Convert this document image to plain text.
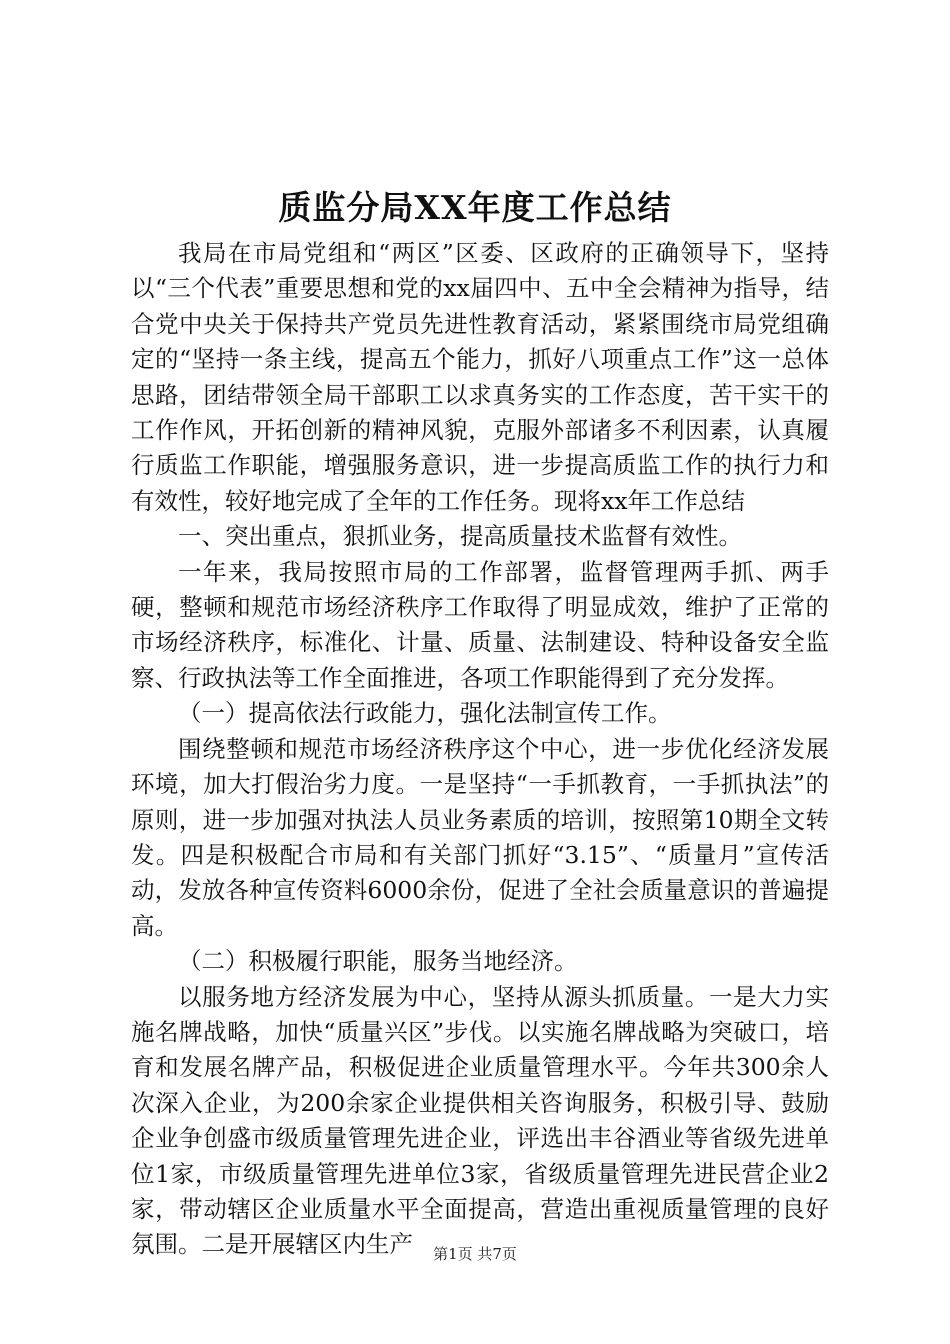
质监分局XX年度工作总结

我局在市局党组和“两区”区委、区政府的正确领导下，坚持以“三个代表”重要思想和党的xx届四中、五中全会精神为指导，结合党中央关于保持共产党员先进性教育活动，紧紧围绕市局党组确定的“坚持一条主线，提高五个能力，抓好八项重点工作”这一总体思路，团结带领全局干部职工以求真务实的工作态度，苦干实干的工作作风，开拓创新的精神风貌，克服外部诸多不利因素，认真履行质监工作职能，增强服务意识，进一步提高质监工作的执行力和有效性，较好地完成了全年的工作任务。现将xx年工作总结

一、突出重点，狠抓业务，提高质量技术监督有效性。

一年来，我局按照市局的工作部署，监督管理两手抓、两手硬，整顿和规范市场经济秩序工作取得了明显成效，维护了正常的市场经济秩序，标准化、计量、质量、法制建设、特种设备安全监察、行政执法等工作全面推进，各项工作职能得到了充分发挥。

（一）提高依法行政能力，强化法制宣传工作。

围绕整顿和规范市场经济秩序这个中心，进一步优化经济发展环境，加大打假治劣力度。一是坚持“一手抓教育，一手抓执法”的原则，进一步加强对执法人员业务素质的培训，按照第10期全文转发。四是积极配合市局和有关部门抓好“3.15”、“质量月”宣传活动，发放各种宣传资料6000余份，促进了全社会质量意识的普遍提高。

（二）积极履行职能，服务当地经济。

以服务地方经济发展为中心，坚持从源头抓质量。一是大力实施名牌战略，加快“质量兴区”步伐。以实施名牌战略为突破口，培育和发展名牌产品，积极促进企业质量管理水平。今年共300余人次深入企业，为200余家企业提供相关咨询服务，积极引导、鼓励企业争创盛市级质量管理先进企业，评选出丰谷酒业等省级先进单位1家，市级质量管理先进单位3家，省级质量管理先进民营企业2家，带动辖区企业质量水平全面提高，营造出重视质量管理的良好氛围。二是开展辖区内生产	第1页 共7页
